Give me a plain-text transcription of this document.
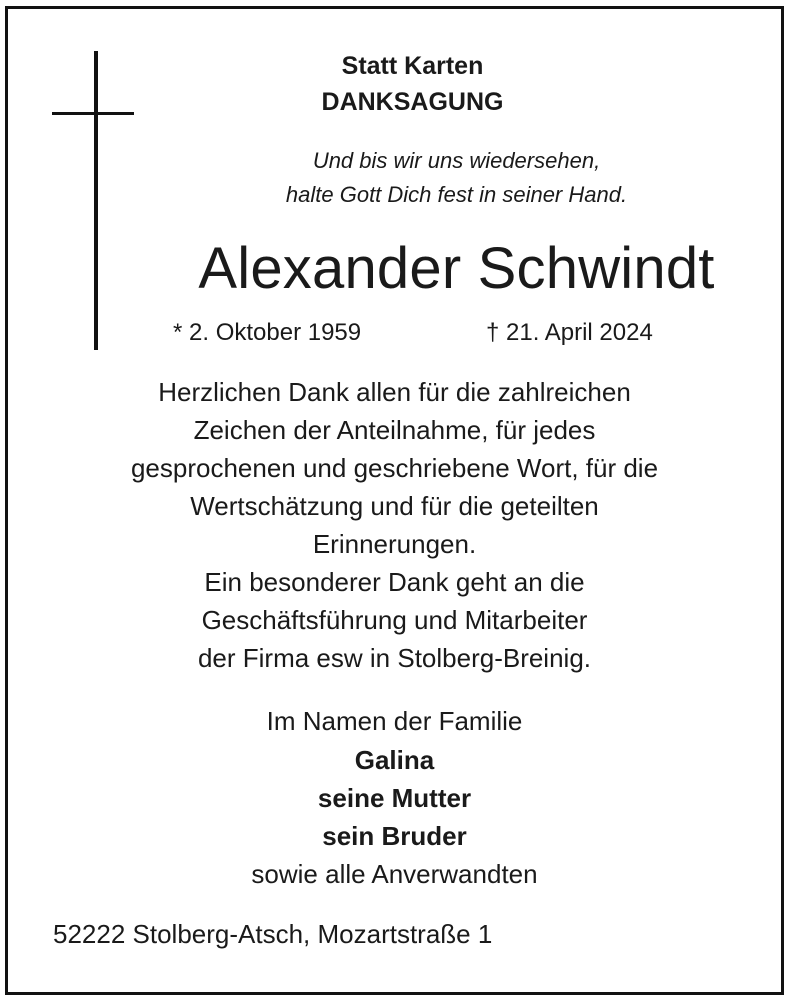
Statt Karten
DANKSAGUNG
Und bis wir uns wiedersehen,
halte Gott Dich fest in seiner Hand.
Alexander Schwindt
* 2. Oktober 1959	† 21. April 2024
Herzlichen Dank allen für die zahlreichen
Zeichen der Anteilnahme, für jedes
gesprochenen und geschriebene Wort, für die
Wertschätzung und für die geteilten
Erinnerungen.
Ein besonderer Dank geht an die
Geschäftsführung und Mitarbeiter
der Firma esw in Stolberg-Breinig.
Im Namen der Familie
Galina
seine Mutter
sein Bruder
sowie alle Anverwandten
52222 Stolberg-Atsch, Mozartstraße 1
